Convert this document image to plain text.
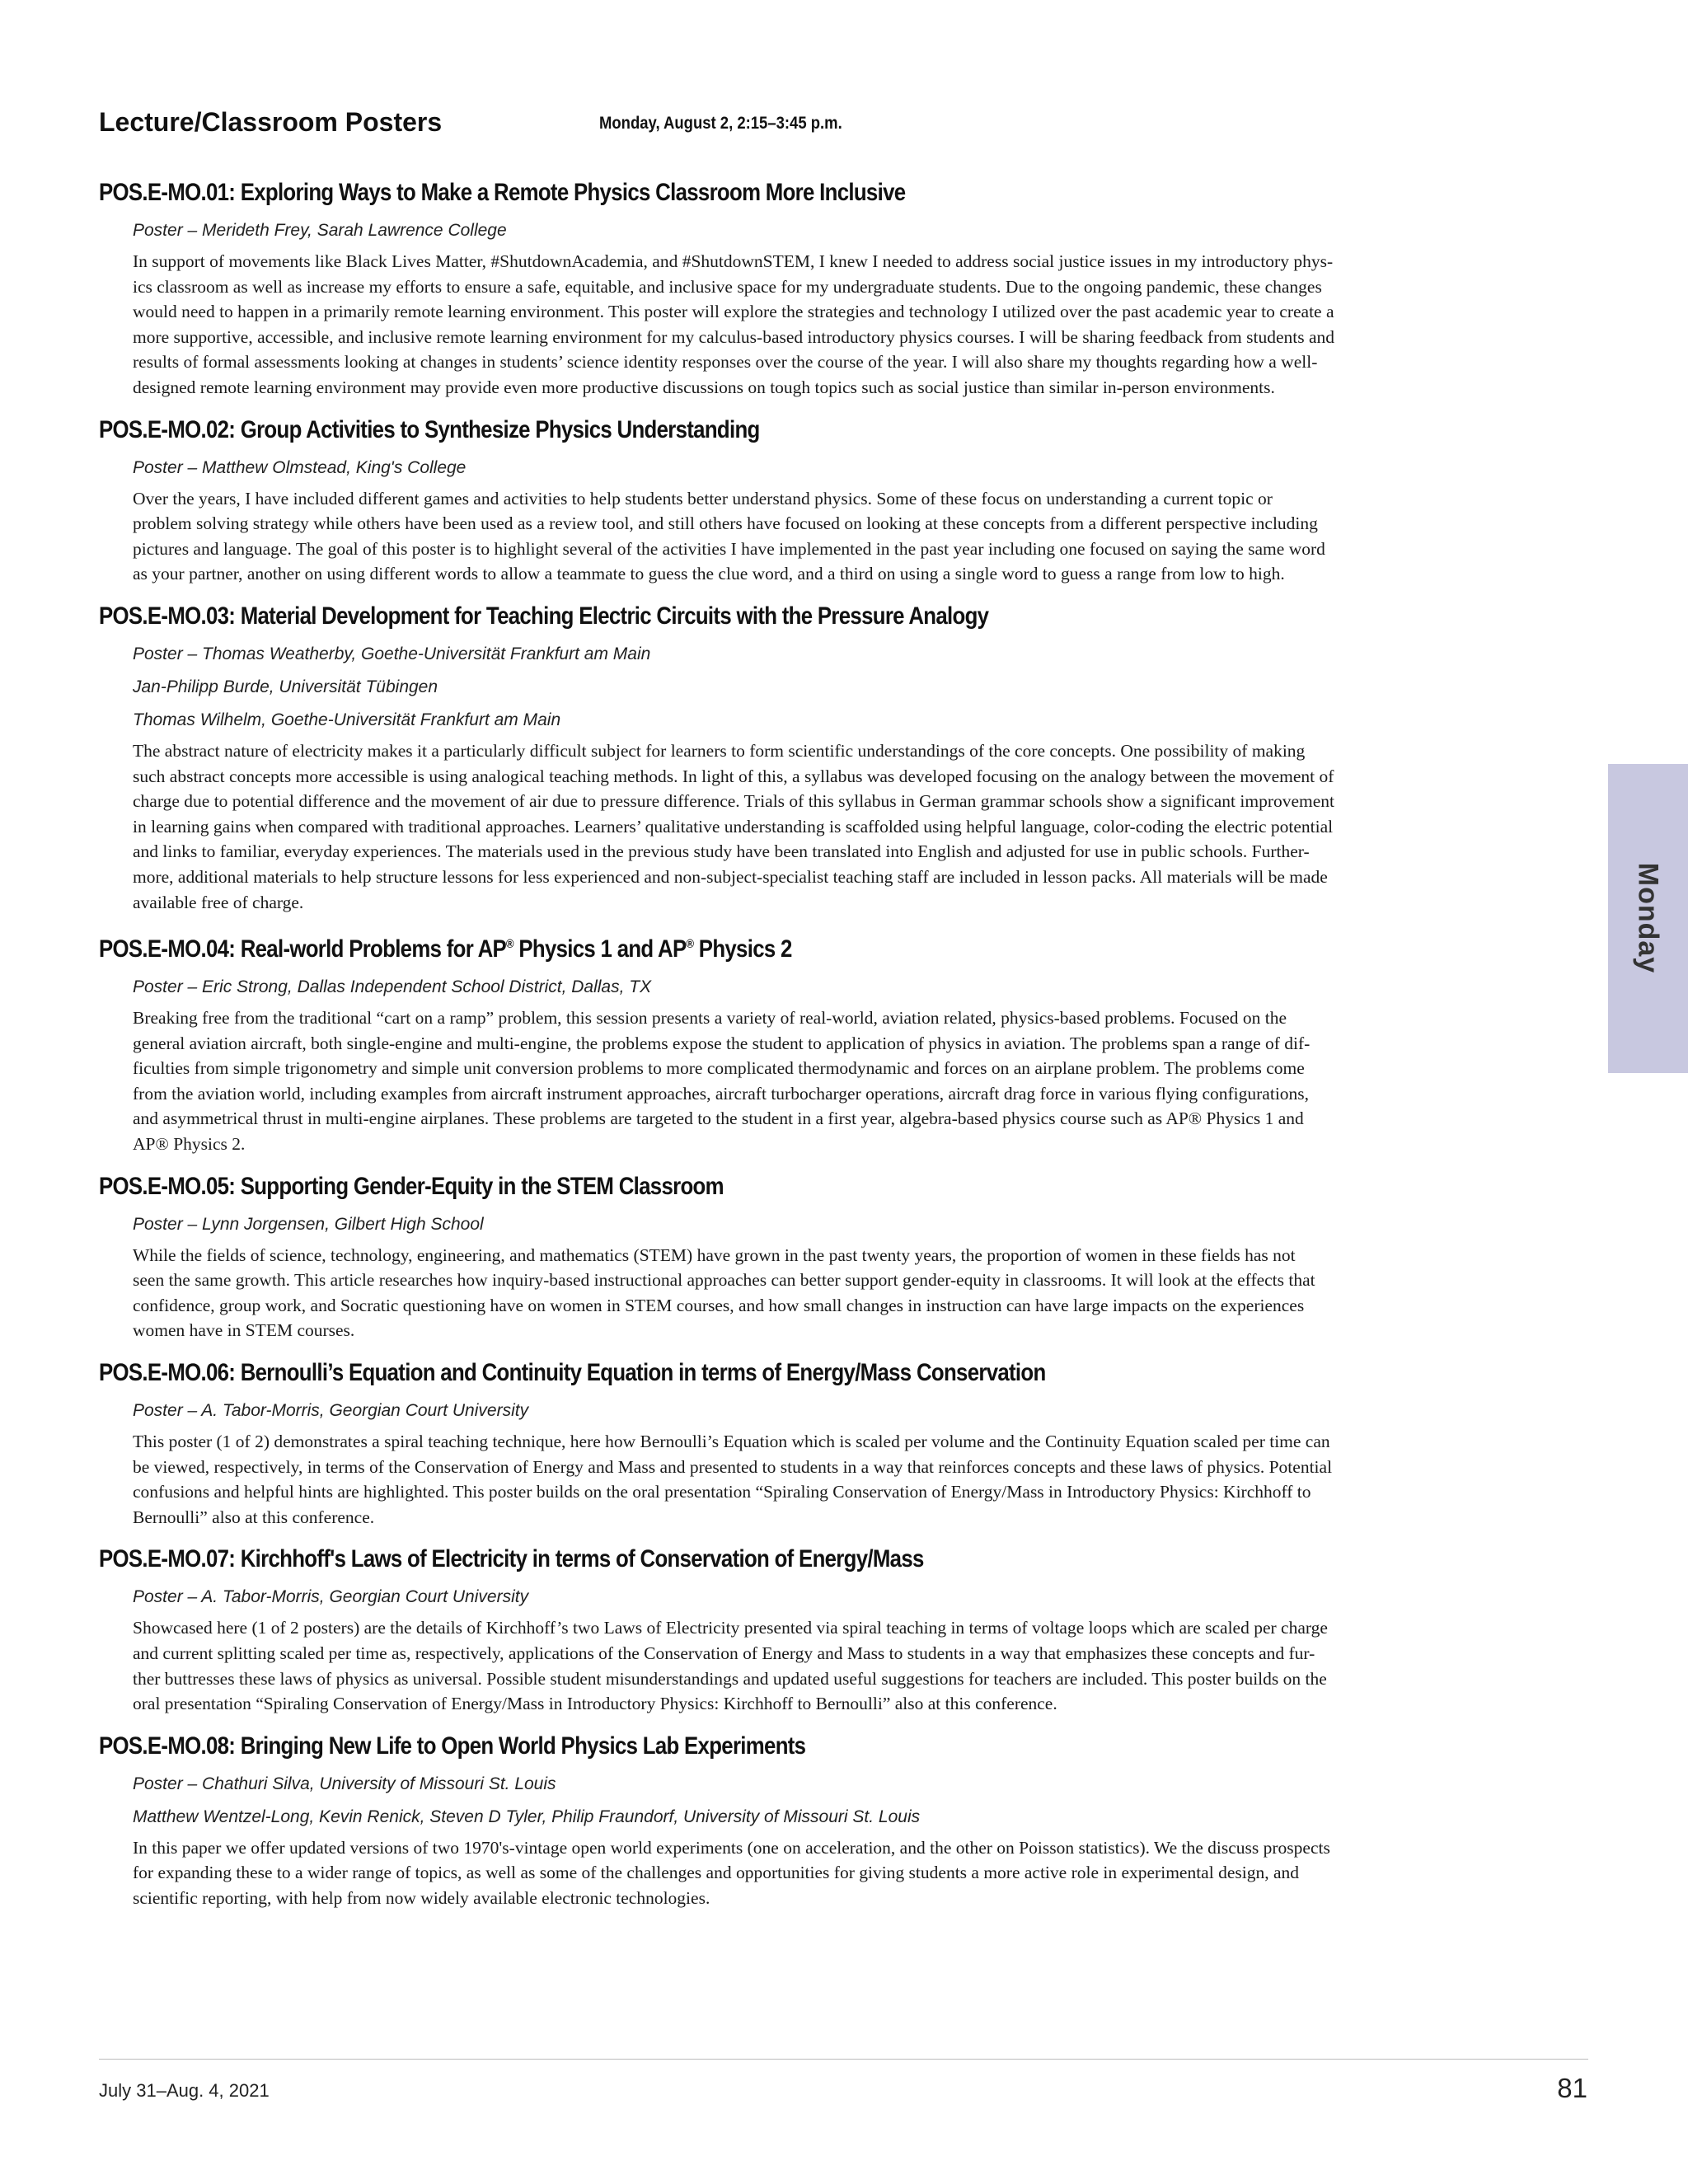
Lecture/Classroom Posters	Monday, August 2, 2:15–3:45 p.m.
POS.E-MO.01: Exploring Ways to Make a Remote Physics Classroom More Inclusive
Poster – Merideth Frey, Sarah Lawrence College
In support of movements like Black Lives Matter, #ShutdownAcademia, and #ShutdownSTEM, I knew I needed to address social justice issues in my introductory phys-
ics classroom as well as increase my efforts to ensure a safe, equitable, and inclusive space for my undergraduate students. Due to the ongoing pandemic, these changes
would need to happen in a primarily remote learning environment. This poster will explore the strategies and technology I utilized over the past academic year to create a
more supportive, accessible, and inclusive remote learning environment for my calculus-based introductory physics courses. I will be sharing feedback from students and
results of formal assessments looking at changes in students’ science identity responses over the course of the year. I will also share my thoughts regarding how a well-
designed remote learning environment may provide even more productive discussions on tough topics such as social justice than similar in-person environments.
POS.E-MO.02: Group Activities to Synthesize Physics Understanding
Poster – Matthew Olmstead, King's College
Over the years, I have included different games and activities to help students better understand physics. Some of these focus on understanding a current topic or
problem solving strategy while others have been used as a review tool, and still others have focused on looking at these concepts from a different perspective including
pictures and language. The goal of this poster is to highlight several of the activities I have implemented in the past year including one focused on saying the same word
as your partner, another on using different words to allow a teammate to guess the clue word, and a third on using a single word to guess a range from low to high.
POS.E-MO.03: Material Development for Teaching Electric Circuits with the Pressure Analogy
Poster – Thomas Weatherby, Goethe-Universität Frankfurt am Main
Jan-Philipp Burde, Universität Tübingen
Thomas Wilhelm, Goethe-Universität Frankfurt am Main
The abstract nature of electricity makes it a particularly difficult subject for learners to form scientific understandings of the core concepts. One possibility of making
such abstract concepts more accessible is using analogical teaching methods. In light of this, a syllabus was developed focusing on the analogy between the movement of
charge due to potential difference and the movement of air due to pressure difference. Trials of this syllabus in German grammar schools show a significant improvement
in learning gains when compared with traditional approaches. Learners’ qualitative understanding is scaffolded using helpful language, color-coding the electric potential
and links to familiar, everyday experiences. The materials used in the previous study have been translated into English and adjusted for use in public schools. Further-
more, additional materials to help structure lessons for less experienced and non-subject-specialist teaching staff are included in lesson packs. All materials will be made
available free of charge.
POS.E-MO.04: Real-world Problems for AP® Physics 1 and AP® Physics 2
Poster – Eric Strong, Dallas Independent School District, Dallas, TX
Breaking free from the traditional “cart on a ramp” problem, this session presents a variety of real-world, aviation related, physics-based problems. Focused on the
general aviation aircraft, both single-engine and multi-engine, the problems expose the student to application of physics in aviation. The problems span a range of dif-
ficulties from simple trigonometry and simple unit conversion problems to more complicated thermodynamic and forces on an airplane problem. The problems come
from the aviation world, including examples from aircraft instrument approaches, aircraft turbocharger operations, aircraft drag force in various flying configurations,
and asymmetrical thrust in multi-engine airplanes. These problems are targeted to the student in a first year, algebra-based physics course such as AP® Physics 1 and
AP® Physics 2.
POS.E-MO.05: Supporting Gender-Equity in the STEM Classroom
Poster – Lynn Jorgensen, Gilbert High School
While the fields of science, technology, engineering, and mathematics (STEM) have grown in the past twenty years, the proportion of women in these fields has not
seen the same growth. This article researches how inquiry-based instructional approaches can better support gender-equity in classrooms. It will look at the effects that
confidence, group work, and Socratic questioning have on women in STEM courses, and how small changes in instruction can have large impacts on the experiences
women have in STEM courses.
POS.E-MO.06: Bernoulli’s Equation and Continuity Equation in terms of Energy/Mass Conservation
Poster – A. Tabor-Morris, Georgian Court University
This poster (1 of 2) demonstrates a spiral teaching technique, here how Bernoulli’s Equation which is scaled per volume and the Continuity Equation scaled per time can
be viewed, respectively, in terms of the Conservation of Energy and Mass and presented to students in a way that reinforces concepts and these laws of physics. Potential
confusions and helpful hints are highlighted. This poster builds on the oral presentation “Spiraling Conservation of Energy/Mass in Introductory Physics: Kirchhoff to
Bernoulli” also at this conference.
POS.E-MO.07: Kirchhoff's Laws of Electricity in terms of Conservation of Energy/Mass
Poster – A. Tabor-Morris, Georgian Court University
Showcased here (1 of 2 posters) are the details of Kirchhoff’s two Laws of Electricity presented via spiral teaching in terms of voltage loops which are scaled per charge
and current splitting scaled per time as, respectively, applications of the Conservation of Energy and Mass to students in a way that emphasizes these concepts and fur-
ther buttresses these laws of physics as universal. Possible student misunderstandings and updated useful suggestions for teachers are included. This poster builds on the
oral presentation “Spiraling Conservation of Energy/Mass in Introductory Physics: Kirchhoff to Bernoulli” also at this conference.
POS.E-MO.08: Bringing New Life to Open World Physics Lab Experiments
Poster – Chathuri Silva, University of Missouri St. Louis
Matthew Wentzel-Long, Kevin Renick, Steven D Tyler, Philip Fraundorf, University of Missouri St. Louis
In this paper we offer updated versions of two 1970's-vintage open world experiments (one on acceleration, and the other on Poisson statistics). We the discuss prospects
for expanding these to a wider range of topics, as well as some of the challenges and opportunities for giving students a more active role in experimental design, and
scientific reporting, with help from now widely available electronic technologies.
Monday
July 31–Aug. 4, 2021	81
